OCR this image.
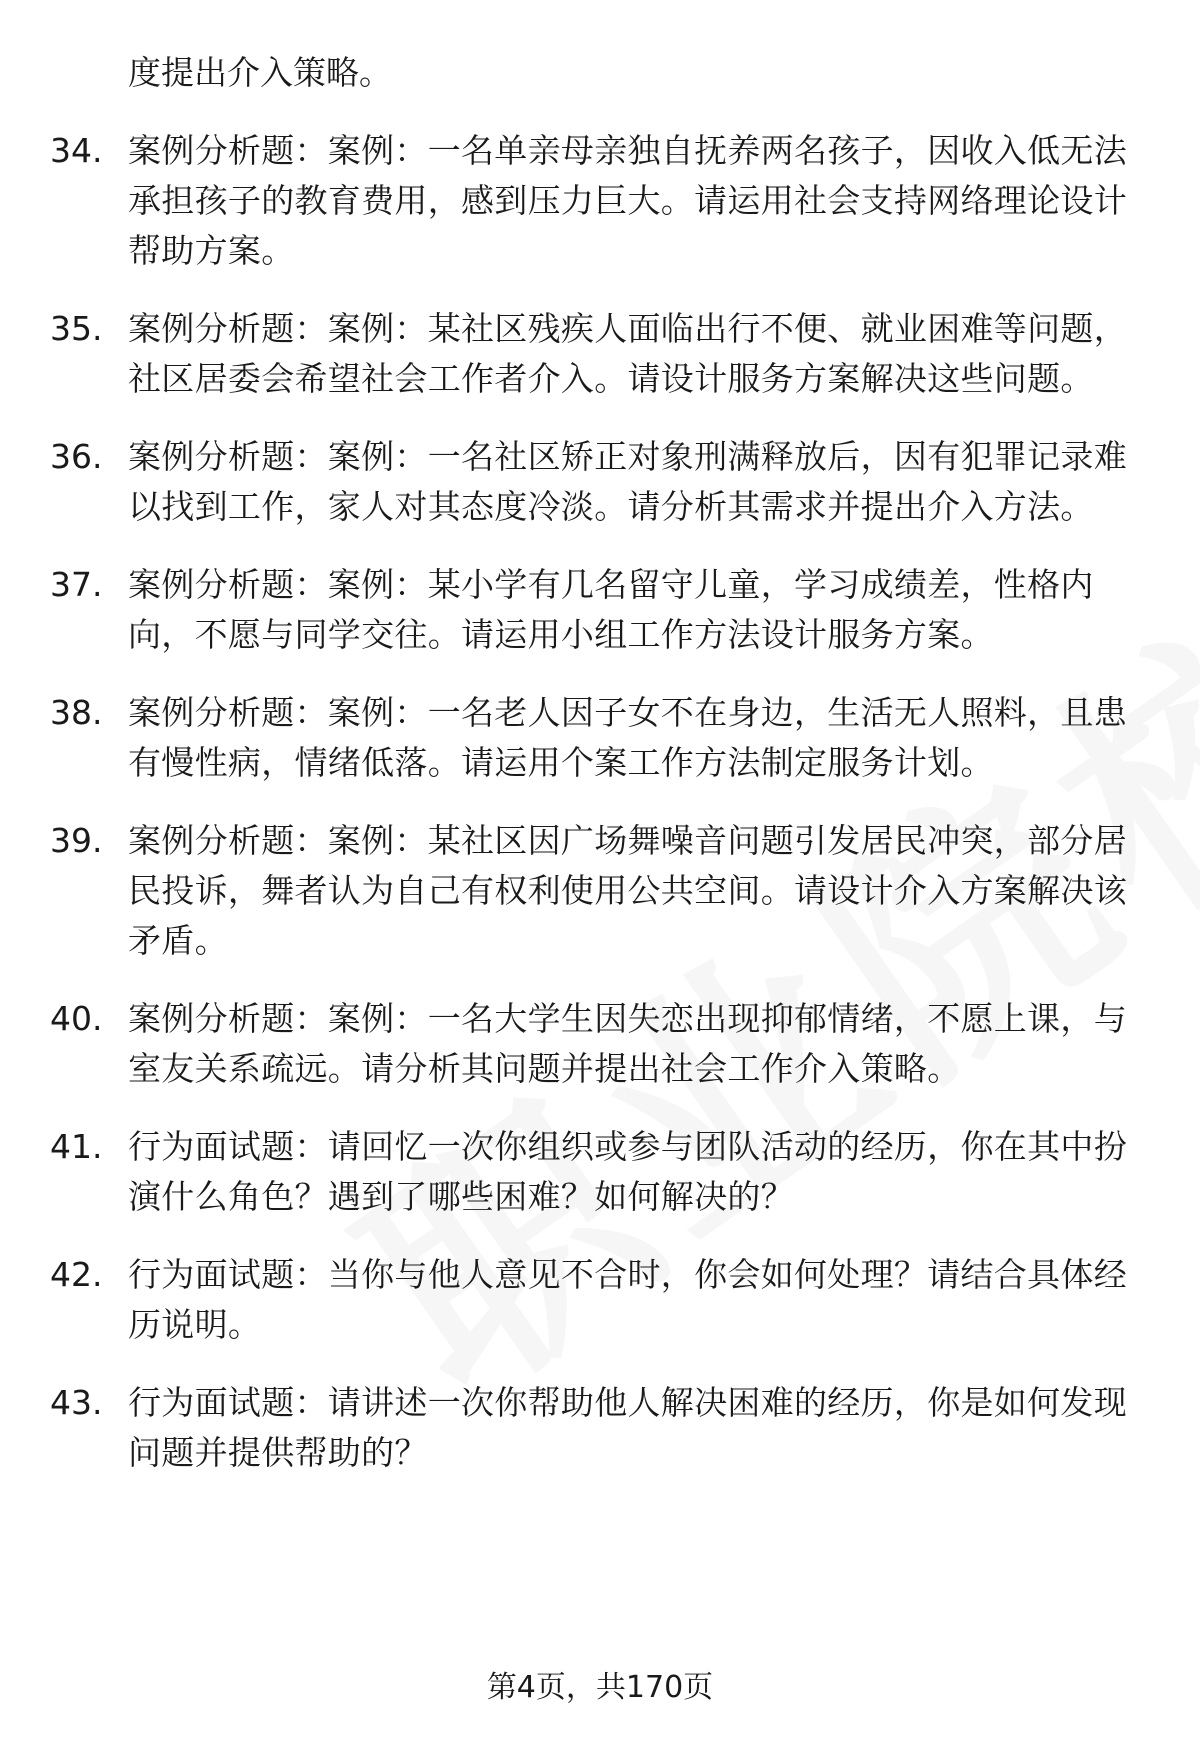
度提出介入策略。
34. 案例分析题：案例：一名单亲母亲独自抚养两名孩子，因收入低无法承担孩子的教育费用，感到压力巨大。请运用社会支持网络理论设计帮助方案。
35. 案例分析题：案例：某社区残疾人面临出行不便、就业困难等问题，社区居委会希望社会工作者介入。请设计服务方案解决这些问题。
36. 案例分析题：案例：一名社区矫正对象刑满释放后，因有犯罪记录难以找到工作，家人对其态度冷淡。请分析其需求并提出介入方法。
37. 案例分析题：案例：某小学有几名留守儿童，学习成绩差，性格内向，不愿与同学交往。请运用小组工作方法设计服务方案。
38. 案例分析题：案例：一名老人因子女不在身边，生活无人照料，且患有慢性病，情绪低落。请运用个案工作方法制定服务计划。
39. 案例分析题：案例：某社区因广场舞噪音问题引发居民冲突，部分居民投诉，舞者认为自己有权利使用公共空间。请设计介入方案解决该矛盾。
40. 案例分析题：案例：一名大学生因失恋出现抑郁情绪，不愿上课，与室友关系疏远。请分析其问题并提出社会工作介入策略。
41. 行为面试题：请回忆一次你组织或参与团队活动的经历，你在其中扮演什么角色？遇到了哪些困难？如何解决的？
42. 行为面试题：当你与他人意见不合时，你会如何处理？请结合具体经历说明。
43. 行为面试题：请讲述一次你帮助他人解决困难的经历，你是如何发现问题并提供帮助的？
第4页，共170页
